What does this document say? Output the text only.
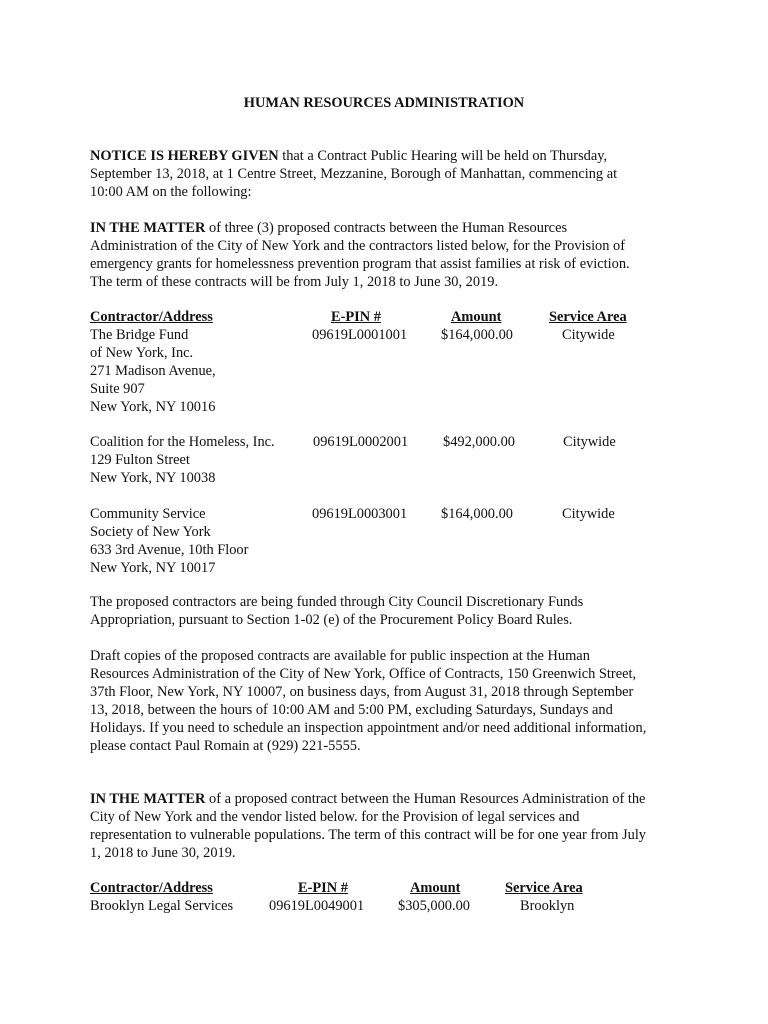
HUMAN RESOURCES ADMINISTRATION
NOTICE IS HEREBY GIVEN that a Contract Public Hearing will be held on Thursday,
September 13, 2018, at 1 Centre Street, Mezzanine, Borough of Manhattan, commencing at
10:00 AM on the following:
IN THE MATTER of three (3) proposed contracts between the Human Resources
Administration of the City of New York and the contractors listed below, for the Provision of
emergency grants for homelessness prevention program that assist families at risk of eviction.
The term of these contracts will be from July 1, 2018 to June 30, 2019.
Contractor/Address	E-PIN #	Amount	Service Area
The Bridge Fund
of New York, Inc.
271 Madison Avenue,
Suite 907
New York, NY 10016
09619L0001001 $164,000.00	Citywide
Coalition for the Homeless, Inc.
129 Fulton Street
New York, NY 10038
09619L0002001 $492,000.00	Citywide
Community Service
Society of New York
633 3rd Avenue, 10th Floor
New York, NY 10017
09619L0003001 $164,000.00	Citywide
The proposed contractors are being funded through City Council Discretionary Funds
Appropriation, pursuant to Section 1-02 (e) of the Procurement Policy Board Rules.
Draft copies of the proposed contracts are available for public inspection at the Human
Resources Administration of the City of New York, Office of Contracts, 150 Greenwich Street,
37th Floor, New York, NY 10007, on business days, from August 31, 2018 through September
13, 2018, between the hours of 10:00 AM and 5:00 PM, excluding Saturdays, Sundays and
Holidays. If you need to schedule an inspection appointment and/or need additional information,
please contact Paul Romain at (929) 221-5555.
IN THE MATTER of a proposed contract between the Human Resources Administration of the
City of New York and the vendor listed below. for the Provision of legal services and
representation to vulnerable populations. The term of this contract will be for one year from July
1, 2018 to June 30, 2019.
Contractor/Address	E-PIN #	Amount	Service Area
Brooklyn Legal Services 09619L0049001 $305,000.00	Brooklyn
